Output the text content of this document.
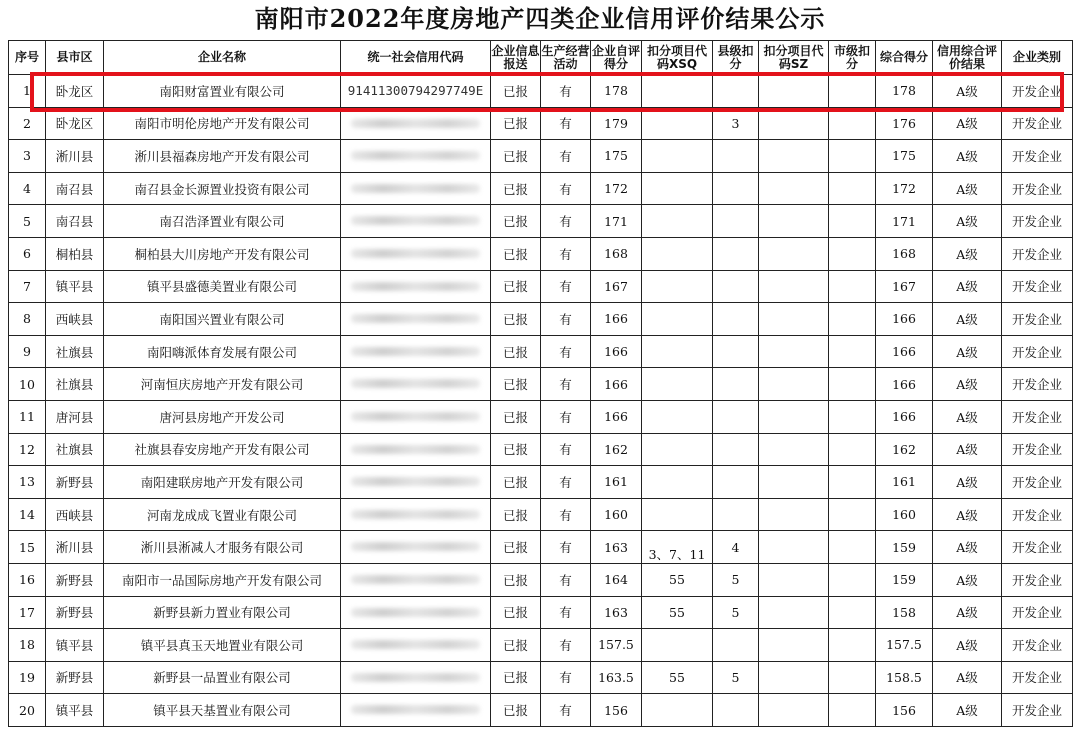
南阳市2022年度房地产四类企业信用评价结果公示
序号	县市区	企业名称	统一社会信用代码	企业信息报送	生产经营活动	企业自评得分	扣分项目代码XSQ	县级扣分	扣分项目代码SZ	市级扣分	综合得分	信用综合评价结果	企业类别
1	卧龙区	南阳财富置业有限公司	91411300794297749E	已报	有	178					178	A级	开发企业
2	卧龙区	南阳市明伦房地产开发有限公司		已报	有	179		3			176	A级	开发企业
3	淅川县	淅川县福森房地产开发有限公司		已报	有	175					175	A级	开发企业
4	南召县	南召县金长源置业投资有限公司		已报	有	172					172	A级	开发企业
5	南召县	南召浩泽置业有限公司		已报	有	171					171	A级	开发企业
6	桐柏县	桐柏县大川房地产开发有限公司		已报	有	168					168	A级	开发企业
7	镇平县	镇平县盛德美置业有限公司		已报	有	167					167	A级	开发企业
8	西峡县	南阳国兴置业有限公司		已报	有	166					166	A级	开发企业
9	社旗县	南阳嗨派体育发展有限公司		已报	有	166					166	A级	开发企业
10	社旗县	河南恒庆房地产开发有限公司		已报	有	166					166	A级	开发企业
11	唐河县	唐河县房地产开发公司		已报	有	166					166	A级	开发企业
12	社旗县	社旗县春安房地产开发有限公司		已报	有	162					162	A级	开发企业
13	新野县	南阳建联房地产开发有限公司		已报	有	161					161	A级	开发企业
14	西峡县	河南龙成成飞置业有限公司		已报	有	160					160	A级	开发企业
15	淅川县	淅川县淅减人才服务有限公司		已报	有	163	3、7、11	4			159	A级	开发企业
16	新野县	南阳市一品国际房地产开发有限公司		已报	有	164	55	5			159	A级	开发企业
17	新野县	新野县新力置业有限公司		已报	有	163	55	5			158	A级	开发企业
18	镇平县	镇平县真玉天地置业有限公司		已报	有	157.5					157.5	A级	开发企业
19	新野县	新野县一品置业有限公司		已报	有	163.5	55	5			158.5	A级	开发企业
20	镇平县	镇平县天基置业有限公司		已报	有	156					156	A级	开发企业
